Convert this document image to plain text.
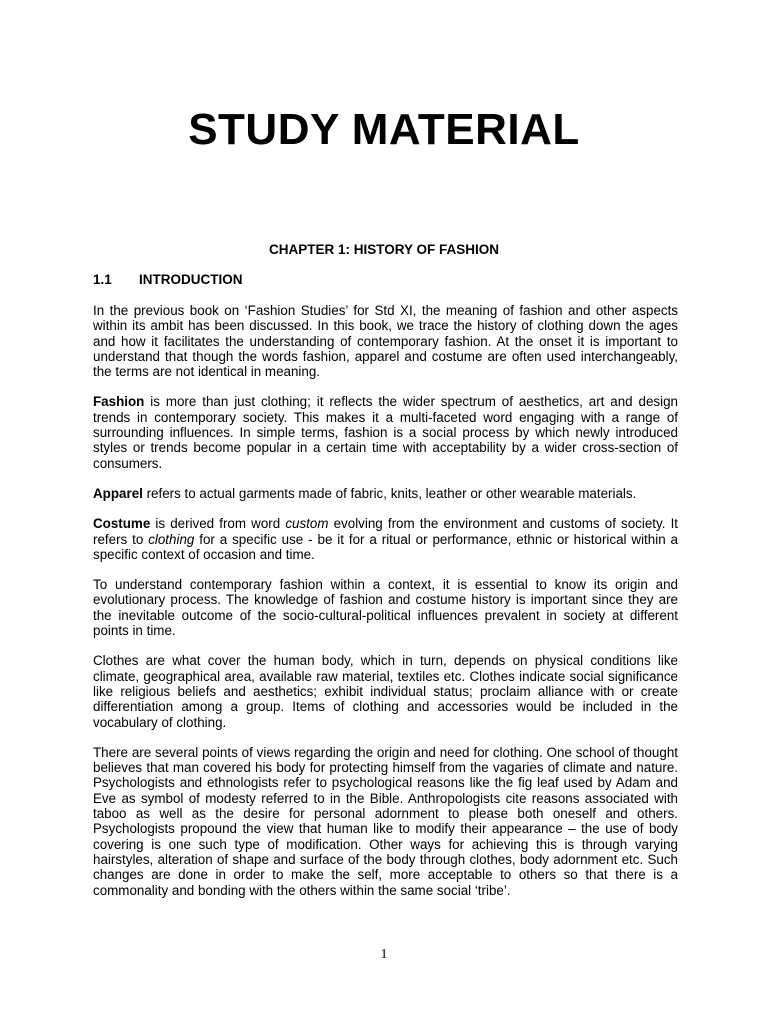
STUDY MATERIAL
CHAPTER 1: HISTORY OF FASHION
1.1 INTRODUCTION

In the previous book on ‘Fashion Studies’ for Std XI, the meaning of fashion and other aspects within its ambit has been discussed. In this book, we trace the history of clothing down the ages and how it facilitates the understanding of contemporary fashion. At the onset it is important to understand that though the words fashion, apparel and costume are often used interchangeably, the terms are not identical in meaning.

Fashion is more than just clothing; it reflects the wider spectrum of aesthetics, art and design trends in contemporary society. This makes it a multi-faceted word engaging with a range of surrounding influences. In simple terms, fashion is a social process by which newly introduced styles or trends become popular in a certain time with acceptability by a wider cross-section of consumers.

Apparel refers to actual garments made of fabric, knits, leather or other wearable materials.

Costume is derived from word custom evolving from the environment and customs of society. It refers to clothing for a specific use - be it for a ritual or performance, ethnic or historical within a specific context of occasion and time.

To understand contemporary fashion within a context, it is essential to know its origin and evolutionary process. The knowledge of fashion and costume history is important since they are the inevitable outcome of the socio-cultural-political influences prevalent in society at different points in time.

Clothes are what cover the human body, which in turn, depends on physical conditions like climate, geographical area, available raw material, textiles etc. Clothes indicate social significance like religious beliefs and aesthetics; exhibit individual status; proclaim alliance with or create differentiation among a group. Items of clothing and accessories would be included in the vocabulary of clothing.

There are several points of views regarding the origin and need for clothing. One school of thought believes that man covered his body for protecting himself from the vagaries of climate and nature. Psychologists and ethnologists refer to psychological reasons like the fig leaf used by Adam and Eve as symbol of modesty referred to in the Bible. Anthropologists cite reasons associated with taboo as well as the desire for personal adornment to please both oneself and others. Psychologists propound the view that human like to modify their appearance – the use of body covering is one such type of modification. Other ways for achieving this is through varying hairstyles, alteration of shape and surface of the body through clothes, body adornment etc. Such changes are done in order to make the self, more acceptable to others so that there is a commonality and bonding with the others within the same social ‘tribe’.

1
